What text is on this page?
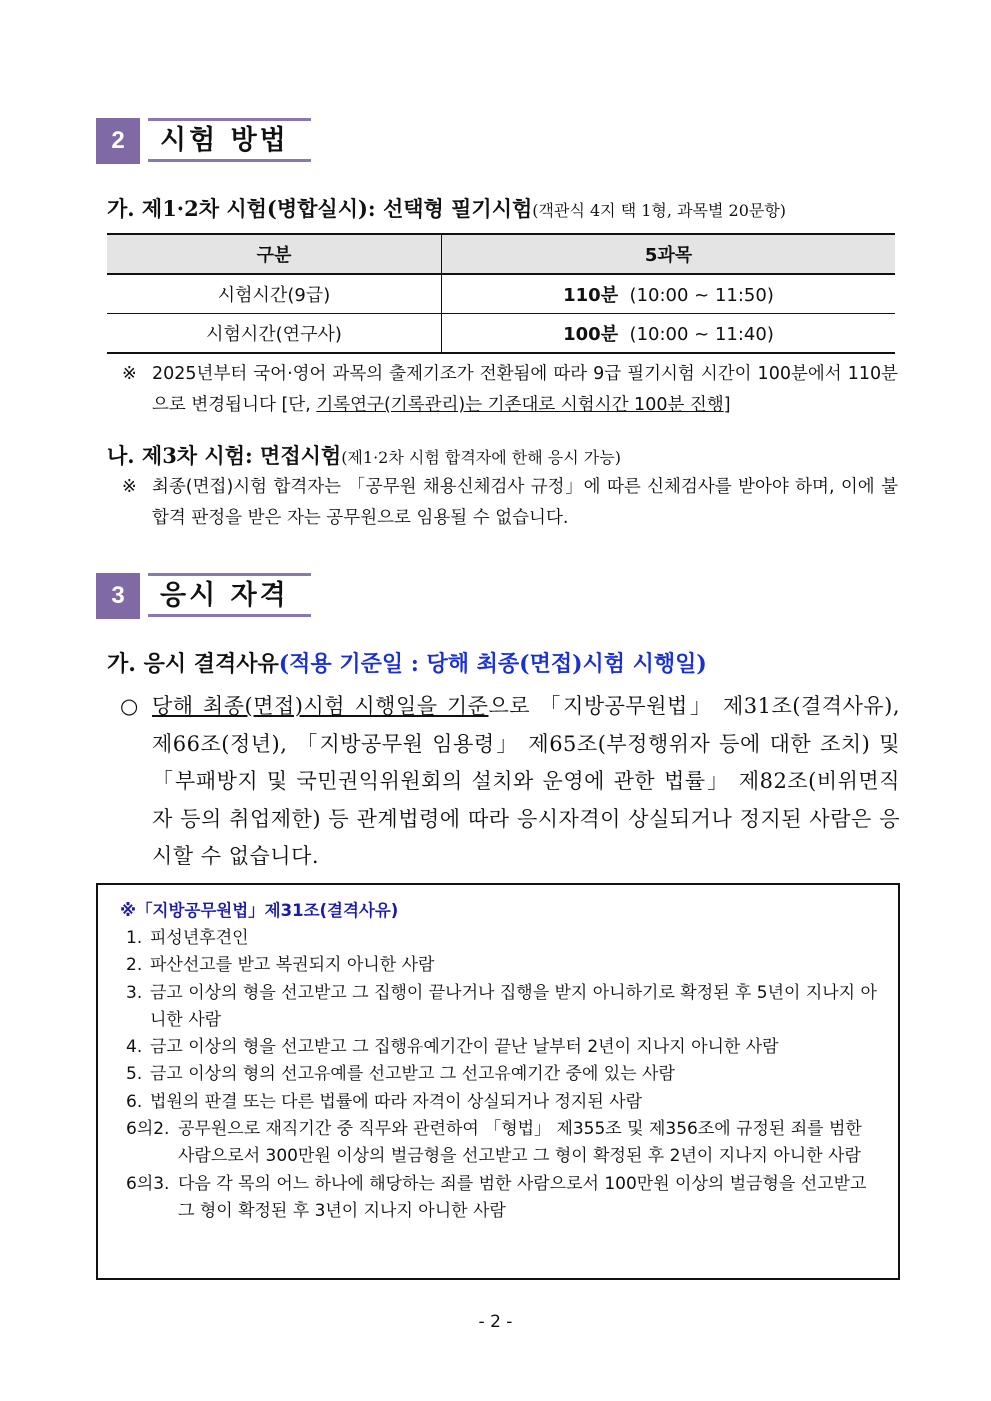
2	시험 방법
가. 제1·2차 시험(병합실시): 선택형 필기시험(객관식 4지 택 1형, 과목별 20문항)
구분	5과목
시험시간(9급)	110분 (10:00 ~ 11:50)
시험시간(연구사)	100분 (10:00 ~ 11:40)
※ 2025년부터 국어·영어 과목의 출제기조가 전환됨에 따라 9급 필기시험 시간이 100분에서 110분으로 변경됩니다 [단, 기록연구(기록관리)는 기존대로 시험시간 100분 진행]
나. 제3차 시험: 면접시험(제1·2차 시험 합격자에 한해 응시 가능)
※ 최종(면접)시험 합격자는 「공무원 채용신체검사 규정」에 따른 신체검사를 받아야 하며, 이에 불합격 판정을 받은 자는 공무원으로 임용될 수 없습니다.
3	응시 자격
가. 응시 결격사유(적용 기준일 : 당해 최종(면접)시험 시행일)
○ 당해 최종(면접)시험 시행일을 기준으로 「지방공무원법」 제31조(결격사유), 제66조(정년), 「지방공무원 임용령」 제65조(부정행위자 등에 대한 조치) 및 「부패방지 및 국민권익위원회의 설치와 운영에 관한 법률」 제82조(비위면직자 등의 취업제한) 등 관계법령에 따라 응시자격이 상실되거나 정지된 사람은 응시할 수 없습니다.
※「지방공무원법」제31조(결격사유)
1. 피성년후견인
2. 파산선고를 받고 복권되지 아니한 사람
3. 금고 이상의 형을 선고받고 그 집행이 끝나거나 집행을 받지 아니하기로 확정된 후 5년이 지나지 아니한 사람
4. 금고 이상의 형을 선고받고 그 집행유예기간이 끝난 날부터 2년이 지나지 아니한 사람
5. 금고 이상의 형의 선고유예를 선고받고 그 선고유예기간 중에 있는 사람
6. 법원의 판결 또는 다른 법률에 따라 자격이 상실되거나 정지된 사람
6의2. 공무원으로 재직기간 중 직무와 관련하여 「형법」 제355조 및 제356조에 규정된 죄를 범한 사람으로서 300만원 이상의 벌금형을 선고받고 그 형이 확정된 후 2년이 지나지 아니한 사람
6의3. 다음 각 목의 어느 하나에 해당하는 죄를 범한 사람으로서 100만원 이상의 벌금형을 선고받고 그 형이 확정된 후 3년이 지나지 아니한 사람
- 2 -
